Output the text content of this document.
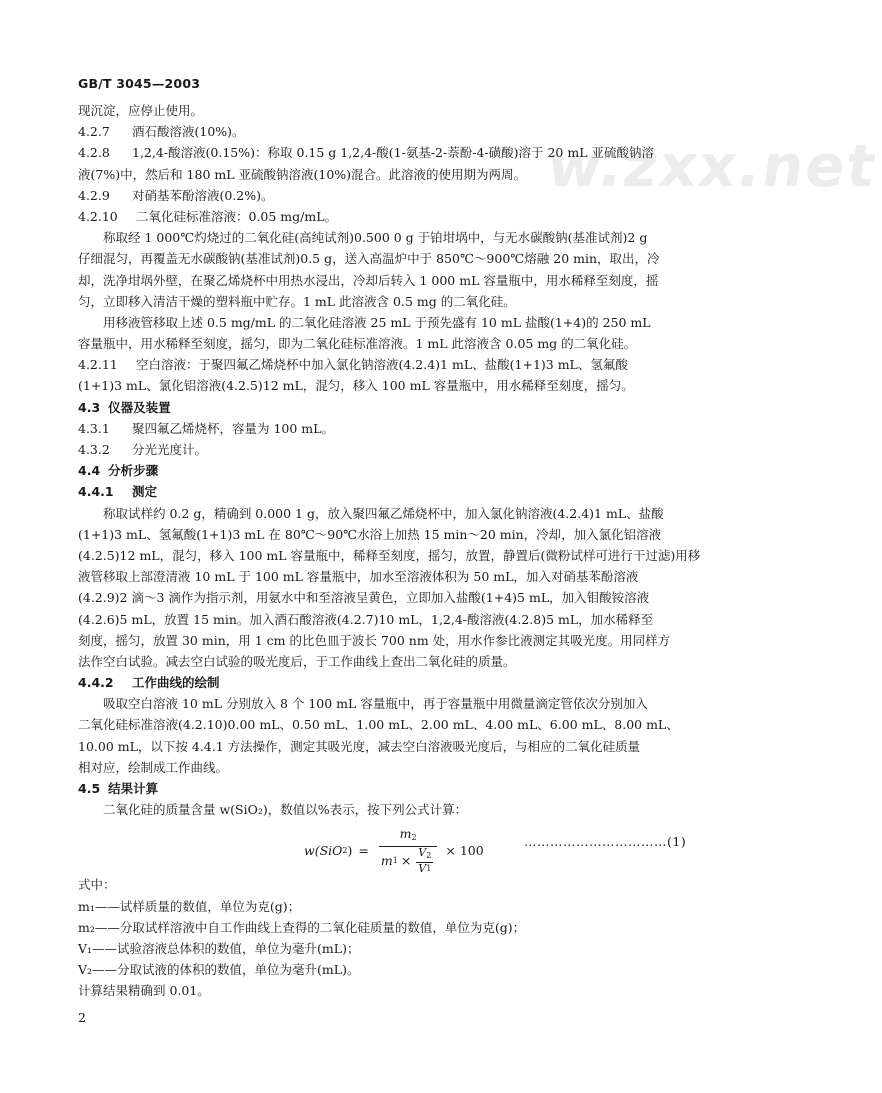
GB/T 3045—2003
w.zxx.net
现沉淀，应停止使用。
4.2.7 酒石酸溶液(10%)。
4.2.8 1,2,4-酸溶液(0.15%)：称取 0.15 g 1,2,4-酸(1-氨基-2-萘酚-4-磺酸)溶于 20 mL 亚硫酸钠溶
液(7%)中，然后和 180 mL 亚硫酸钠溶液(10%)混合。此溶液的使用期为两周。
4.2.9 对硝基苯酚溶液(0.2%)。
4.2.10 二氧化硅标准溶液：0.05 mg/mL。
称取经 1 000℃灼烧过的二氧化硅(高纯试剂)0.500 0 g 于铂坩埚中，与无水碳酸钠(基准试剂)2 g
仔细混匀，再覆盖无水碳酸钠(基准试剂)0.5 g，送入高温炉中于 850℃～900℃熔融 20 min，取出，冷
却，洗净坩埚外壁，在聚乙烯烧杯中用热水浸出，冷却后转入 1 000 mL 容量瓶中，用水稀释至刻度，摇
匀，立即移入清洁干燥的塑料瓶中贮存。1 mL 此溶液含 0.5 mg 的二氧化硅。
用移液管移取上述 0.5 mg/mL 的二氧化硅溶液 25 mL 于预先盛有 10 mL 盐酸(1+4)的 250 mL
容量瓶中，用水稀释至刻度，摇匀，即为二氧化硅标准溶液。1 mL 此溶液含 0.05 mg 的二氧化硅。
4.2.11 空白溶液：于聚四氟乙烯烧杯中加入氯化钠溶液(4.2.4)1 mL、盐酸(1+1)3 mL、氢氟酸
(1+1)3 mL、氯化铝溶液(4.2.5)12 mL，混匀，移入 100 mL 容量瓶中，用水稀释至刻度，摇匀。
4.3 仪器及装置
4.3.1 聚四氟乙烯烧杯，容量为 100 mL。
4.3.2 分光光度计。
4.4 分析步骤
4.4.1 测定
称取试样约 0.2 g，精确到 0.000 1 g，放入聚四氟乙烯烧杯中，加入氯化钠溶液(4.2.4)1 mL、盐酸
(1+1)3 mL、氢氟酸(1+1)3 mL 在 80℃～90℃水浴上加热 15 min～20 min，冷却，加入氯化铝溶液
(4.2.5)12 mL，混匀，移入 100 mL 容量瓶中，稀释至刻度，摇匀，放置，静置后(微粉试样可进行干过滤)用移
液管移取上部澄清液 10 mL 于 100 mL 容量瓶中，加水至溶液体积为 50 mL，加入对硝基苯酚溶液
(4.2.9)2 滴～3 滴作为指示剂，用氨水中和至溶液呈黄色，立即加入盐酸(1+4)5 mL，加入钼酸铵溶液
(4.2.6)5 mL，放置 15 min。加入酒石酸溶液(4.2.7)10 mL，1,2,4-酸溶液(4.2.8)5 mL，加水稀释至
刻度，摇匀，放置 30 min，用 1 cm 的比色皿于波长 700 nm 处，用水作参比液测定其吸光度。用同样方
法作空白试验。减去空白试验的吸光度后，于工作曲线上查出二氧化硅的质量。
4.4.2 工作曲线的绘制
吸取空白溶液 10 mL 分别放入 8 个 100 mL 容量瓶中，再于容量瓶中用微量滴定管依次分别加入
二氧化硅标准溶液(4.2.10)0.00 mL、0.50 mL、1.00 mL、2.00 mL、4.00 mL、6.00 mL、8.00 mL、
10.00 mL，以下按 4.4.1 方法操作，测定其吸光度，减去空白溶液吸光度后，与相应的二氧化硅质量
相对应，绘制成工作曲线。
4.5 结果计算
二氧化硅的质量含量 w(SiO₂)，数值以%表示，按下列公式计算：
w(SiO 2 ) =
$m_2$
m $1 \times \frac{V_2}{V 1} \times 100$
……………………………(1)
式中：
m₁——试样质量的数值，单位为克(g)；
m₂——分取试样溶液中自工作曲线上查得的二氧化硅质量的数值，单位为克(g)；
V₁——试验溶液总体积的数值，单位为毫升(mL)；
V₂——分取试液的体积的数值，单位为毫升(mL)。
计算结果精确到 0.01。
2
